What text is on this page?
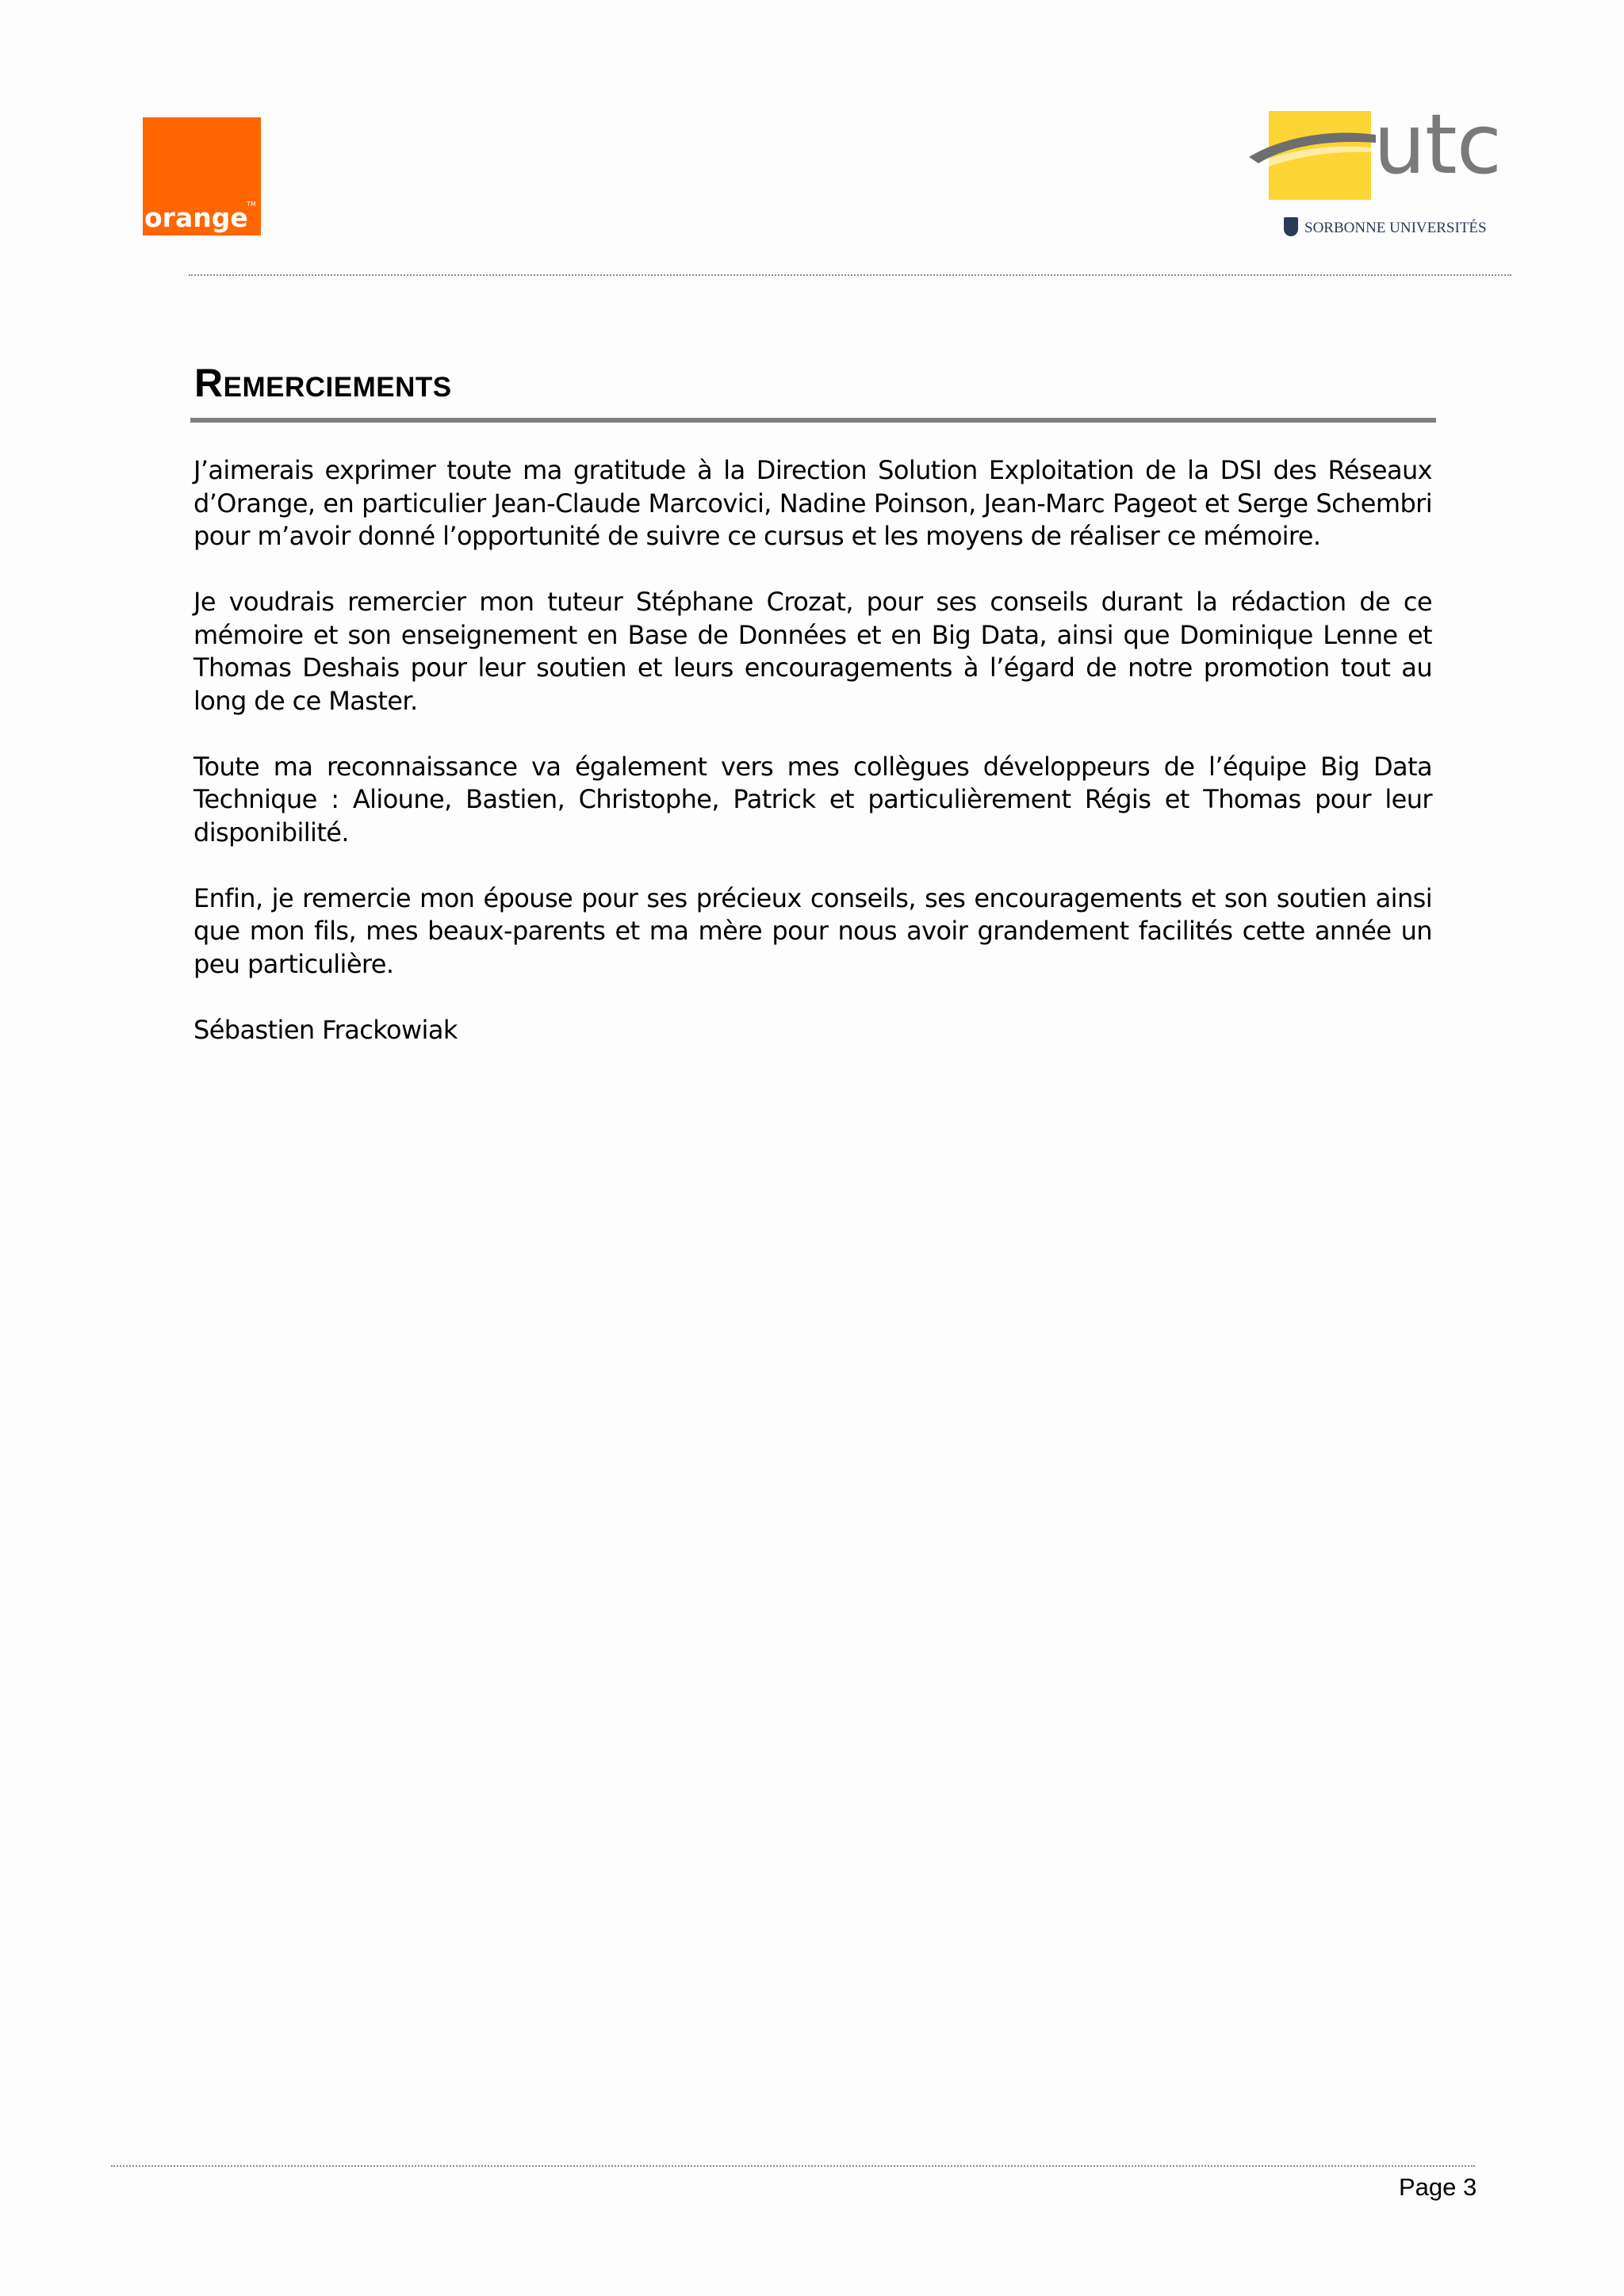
orange
TM
utc
SORBONNE UNIVERSITÉS
Remerciements

J’aimerais exprimer toute ma gratitude à la Direction Solution Exploitation de la DSI des Réseaux d’Orange, en particulier Jean-Claude Marcovici, Nadine Poinson, Jean-Marc Pageot et Serge Schembri pour m’avoir donné l’opportunité de suivre ce cursus et les moyens de réaliser ce mémoire.

Je voudrais remercier mon tuteur Stéphane Crozat, pour ses conseils durant la rédaction de ce mémoire et son enseignement en Base de Données et en Big Data, ainsi que Dominique Lenne et Thomas Deshais pour leur soutien et leurs encouragements à l’égard de notre promotion tout au long de ce Master.

Toute ma reconnaissance va également vers mes collègues développeurs de l’équipe Big Data Technique : Alioune, Bastien, Christophe, Patrick et particulièrement Régis et Thomas pour leur disponibilité.

Enfin, je remercie mon épouse pour ses précieux conseils, ses encouragements et son soutien ainsi que mon fils, mes beaux-parents et ma mère pour nous avoir grandement facilités cette année un peu particulière.

Sébastien Frackowiak

Page 3
